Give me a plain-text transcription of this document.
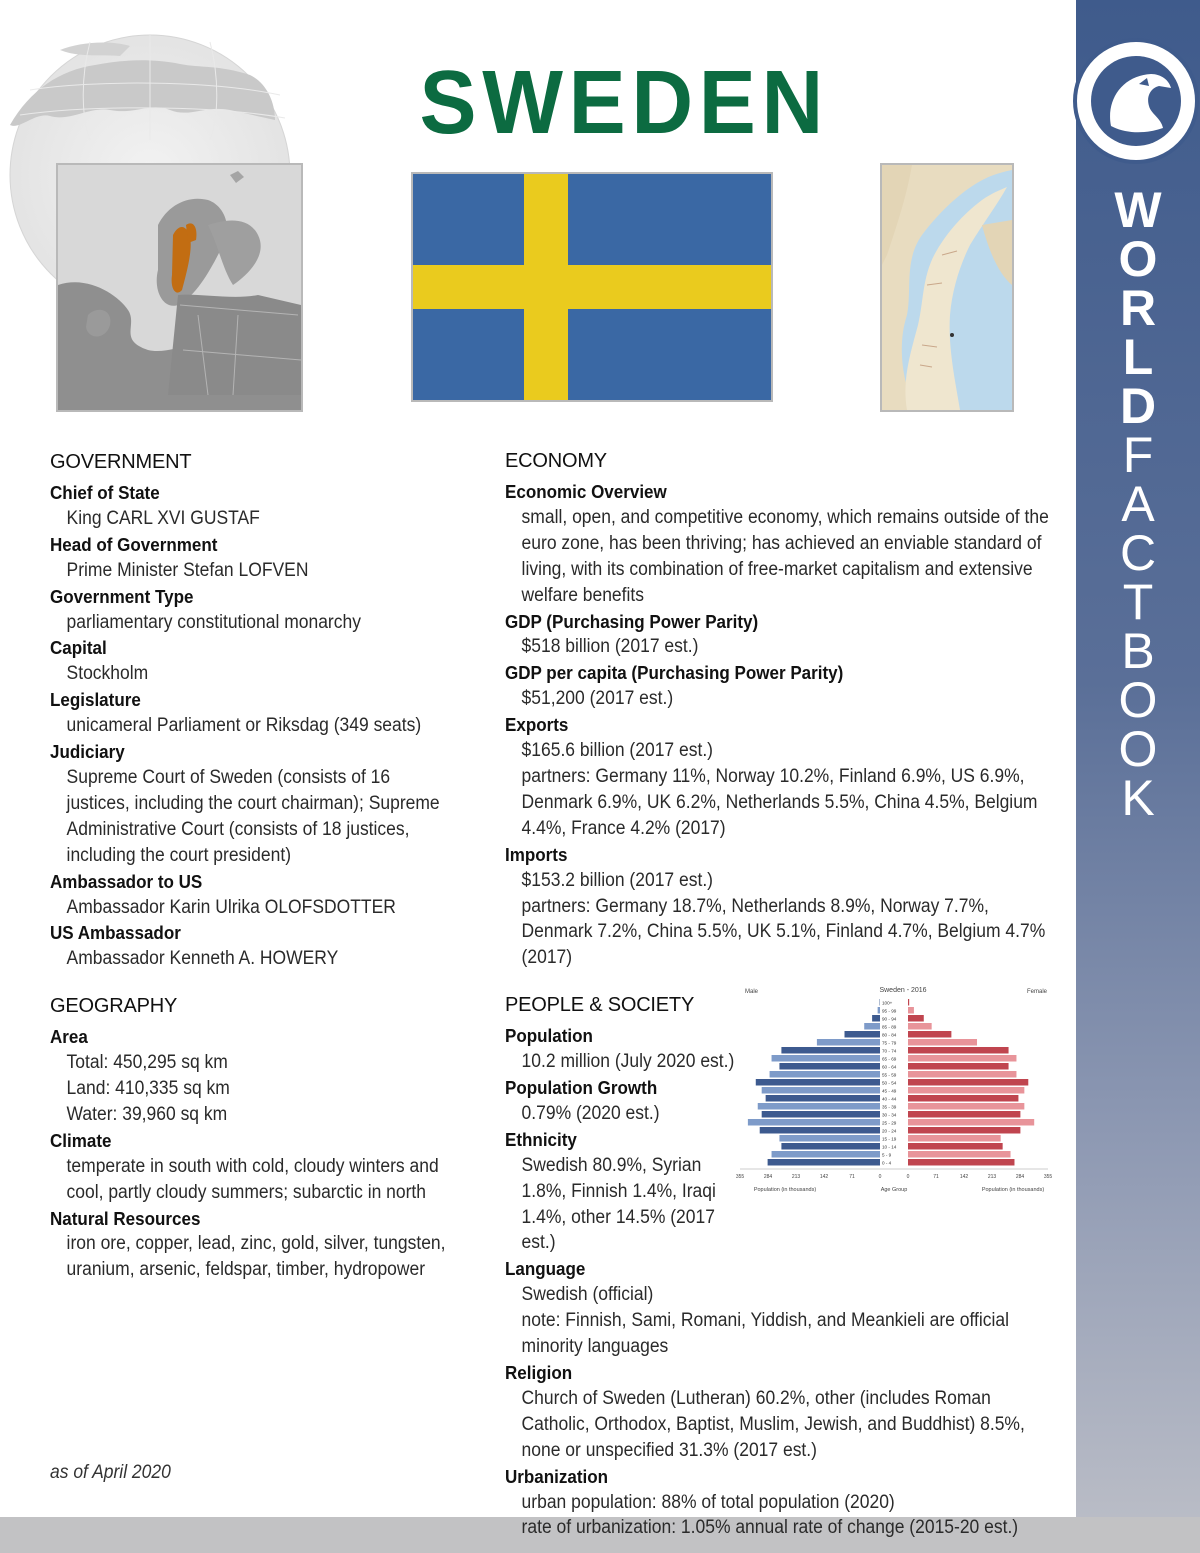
SWEDEN
W
O
R
L
D
F
A
C
T
B
O
O
K
GOVERNMENT
Chief of State
King CARL XVI GUSTAF
Head of Government
Prime Minister Stefan LOFVEN
Government Type
parliamentary constitutional monarchy
Capital
Stockholm
Legislature
unicameral Parliament or Riksdag (349 seats)
Judiciary
Supreme Court of Sweden (consists of 16 justices, including the court chairman); Supreme Administrative Court (consists of 18 justices, including the court president)
Ambassador to US
Ambassador Karin Ulrika OLOFSDOTTER
US Ambassador
Ambassador Kenneth A. HOWERY
GEOGRAPHY
Area
Total: 450,295 sq km
Land: 410,335 sq km
Water: 39,960 sq km
Climate
temperate in south with cold, cloudy winters and cool, partly cloudy summers; subarctic in north
Natural Resources
iron ore, copper, lead, zinc, gold, silver, tungsten, uranium, arsenic, feldspar, timber, hydropower
as of April 2020
ECONOMY
Economic Overview
small, open, and competitive economy, which remains outside of the euro zone, has been thriving; has achieved an enviable standard of living, with its combination of free-market capitalism and extensive welfare benefits
GDP (Purchasing Power Parity)
$518 billion (2017 est.)
GDP per capita (Purchasing Power Parity)
$51,200 (2017 est.)
Exports
$165.6 billion (2017 est.)
partners: Germany 11%, Norway 10.2%, Finland 6.9%, US 6.9%, Denmark 6.9%, UK 6.2%, Netherlands 5.5%, China 4.5%, Belgium 4.4%, France 4.2% (2017)
Imports
$153.2 billion (2017 est.)
partners: Germany 18.7%, Netherlands 8.9%, Norway 7.7%, Denmark 7.2%, China 5.5%, UK 5.1%, Finland 4.7%, Belgium 4.7% (2017)
PEOPLE & SOCIETY
Population
10.2 million (July 2020 est.)
Population Growth
0.79% (2020 est.)
Ethnicity
Swedish 80.9%, Syrian 1.8%, Finnish 1.4%, Iraqi 1.4%, other 14.5% (2017 est.)
Language
Swedish (official)
note: Finnish, Sami, Romani, Yiddish, and Meankieli are official minority languages
Religion
Church of Sweden (Lutheran) 60.2%, other (includes Roman Catholic, Orthodox, Baptist, Muslim, Jewish, and Buddhist) 8.5%, none or unspecified 31.3% (2017 est.)
Urbanization
urban population: 88% of total population (2020)
rate of urbanization: 1.05% annual rate of change (2015-20 est.)
Sweden - 2016
Male	Female
Population (in thousands)	Age Group	Population (in thousands)
100+
95 - 99
90 - 94
85 - 89
80 - 84
75 - 79
70 - 74
65 - 69
60 - 64
55 - 59
50 - 54
45 - 49
40 - 44
35 - 39
30 - 34
25 - 29
20 - 24
15 - 19
10 - 14
5 - 9
0 - 4
355	284	213	142	71	0	0	71	142	213	284	355
